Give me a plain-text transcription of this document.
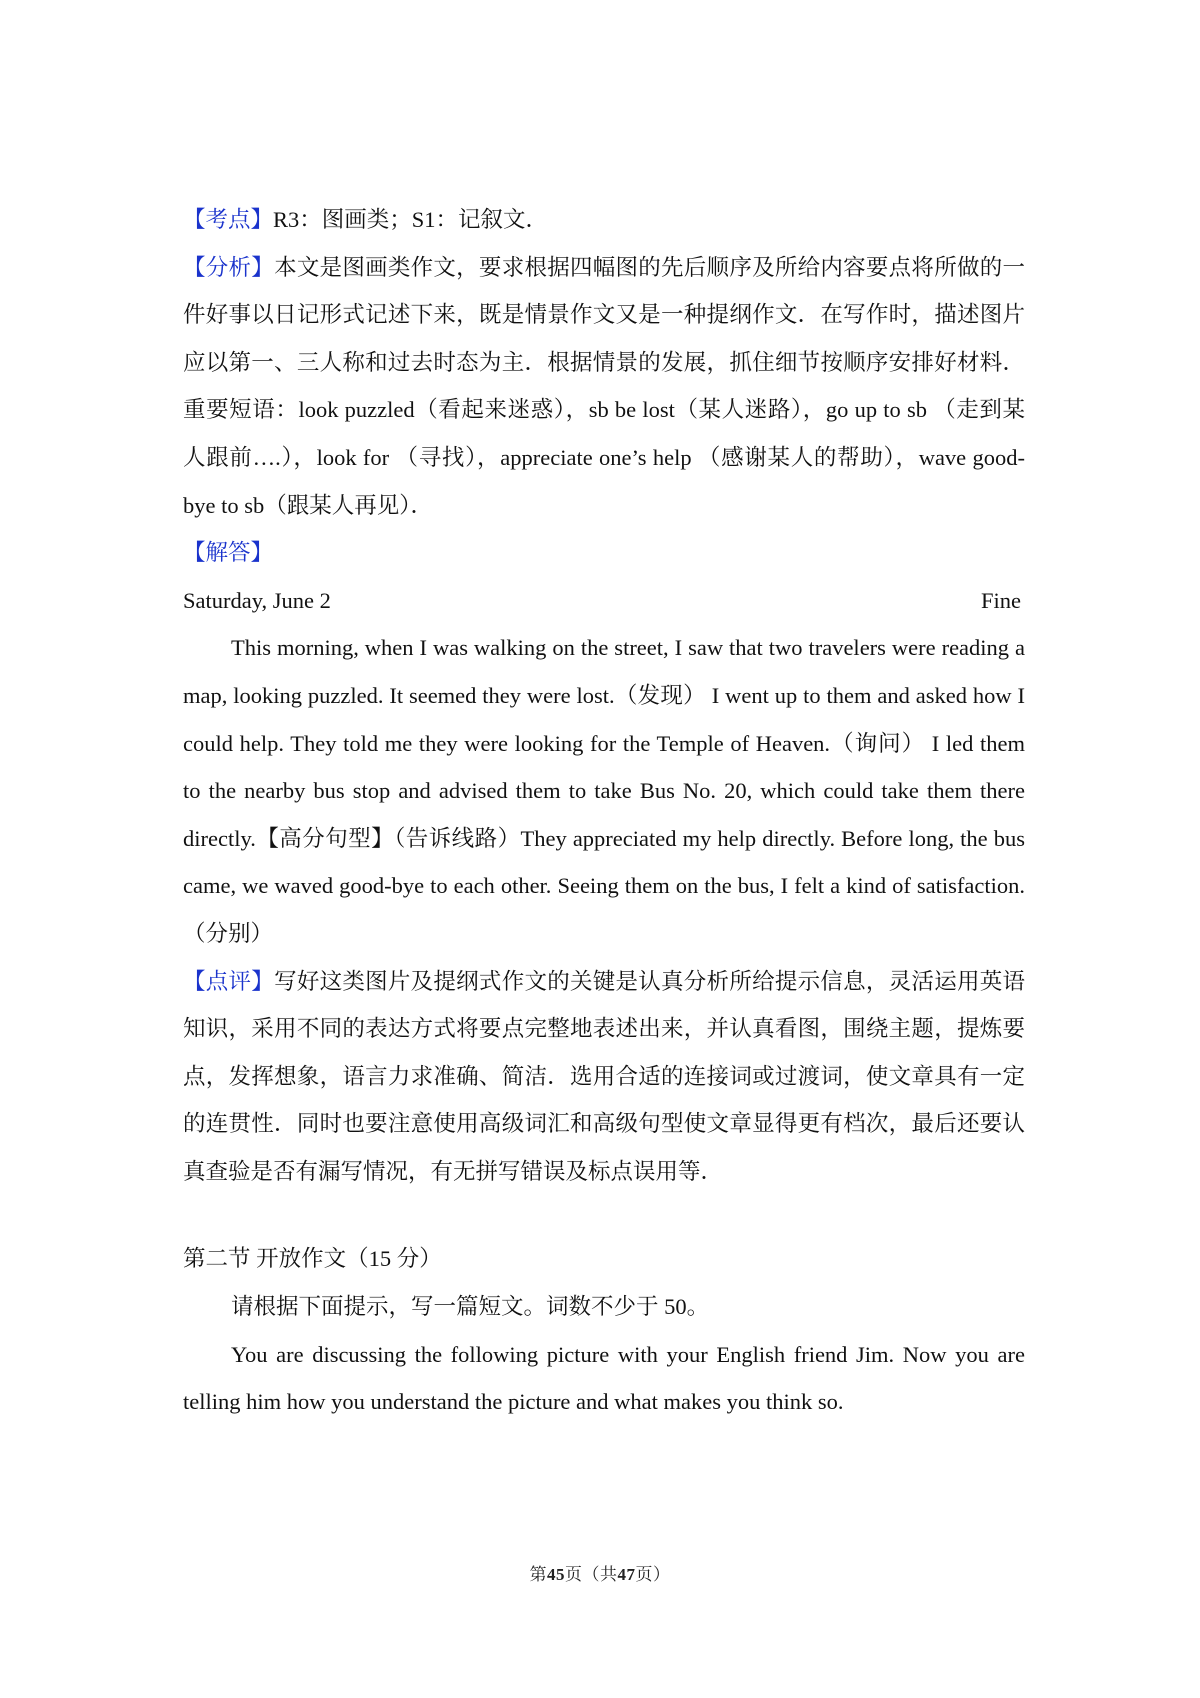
【考点】R3：图画类；S1：记叙文．

【分析】本文是图画类作文，要求根据四幅图的先后顺序及所给内容要点将所做的一件好事以日记形式记述下来，既是情景作文又是一种提纲作文．在写作时，描述图片应以第一、三人称和过去时态为主．根据情景的发展，抓住细节按顺序安排好材料．重要短语：look puzzled（看起来迷惑），sb be lost（某人迷路），go up to sb （走到某人跟前….），look for （寻找），appreciate one’s help （感谢某人的帮助），wave good-bye to sb（跟某人再见）．

【解答】

Saturday, June 2	Fine

This morning, when I was walking on the street, I saw that two travelers were reading a map, looking puzzled. It seemed they were lost.（发现） I went up to them and asked how I could help. They told me they were looking for the Temple of Heaven.（询问） I led them to the nearby bus stop and advised them to take Bus No. 20, which could take them there directly.【高分句型】（告诉线路）They appreciated my help directly. Before long, the bus came, we waved good-bye to each other. Seeing them on the bus, I felt a kind of satisfaction.（分别）

【点评】写好这类图片及提纲式作文的关键是认真分析所给提示信息，灵活运用英语知识，采用不同的表达方式将要点完整地表述出来，并认真看图，围绕主题，提炼要点，发挥想象，语言力求准确、简洁．选用合适的连接词或过渡词，使文章具有一定的连贯性．同时也要注意使用高级词汇和高级句型使文章显得更有档次，最后还要认真查验是否有漏写情况，有无拼写错误及标点误用等．

第二节 开放作文（15 分）

请根据下面提示，写一篇短文。词数不少于 50。

You are discussing the following picture with your English friend Jim. Now you are telling him how you understand the picture and what makes you think so.

第45页（共47页）
